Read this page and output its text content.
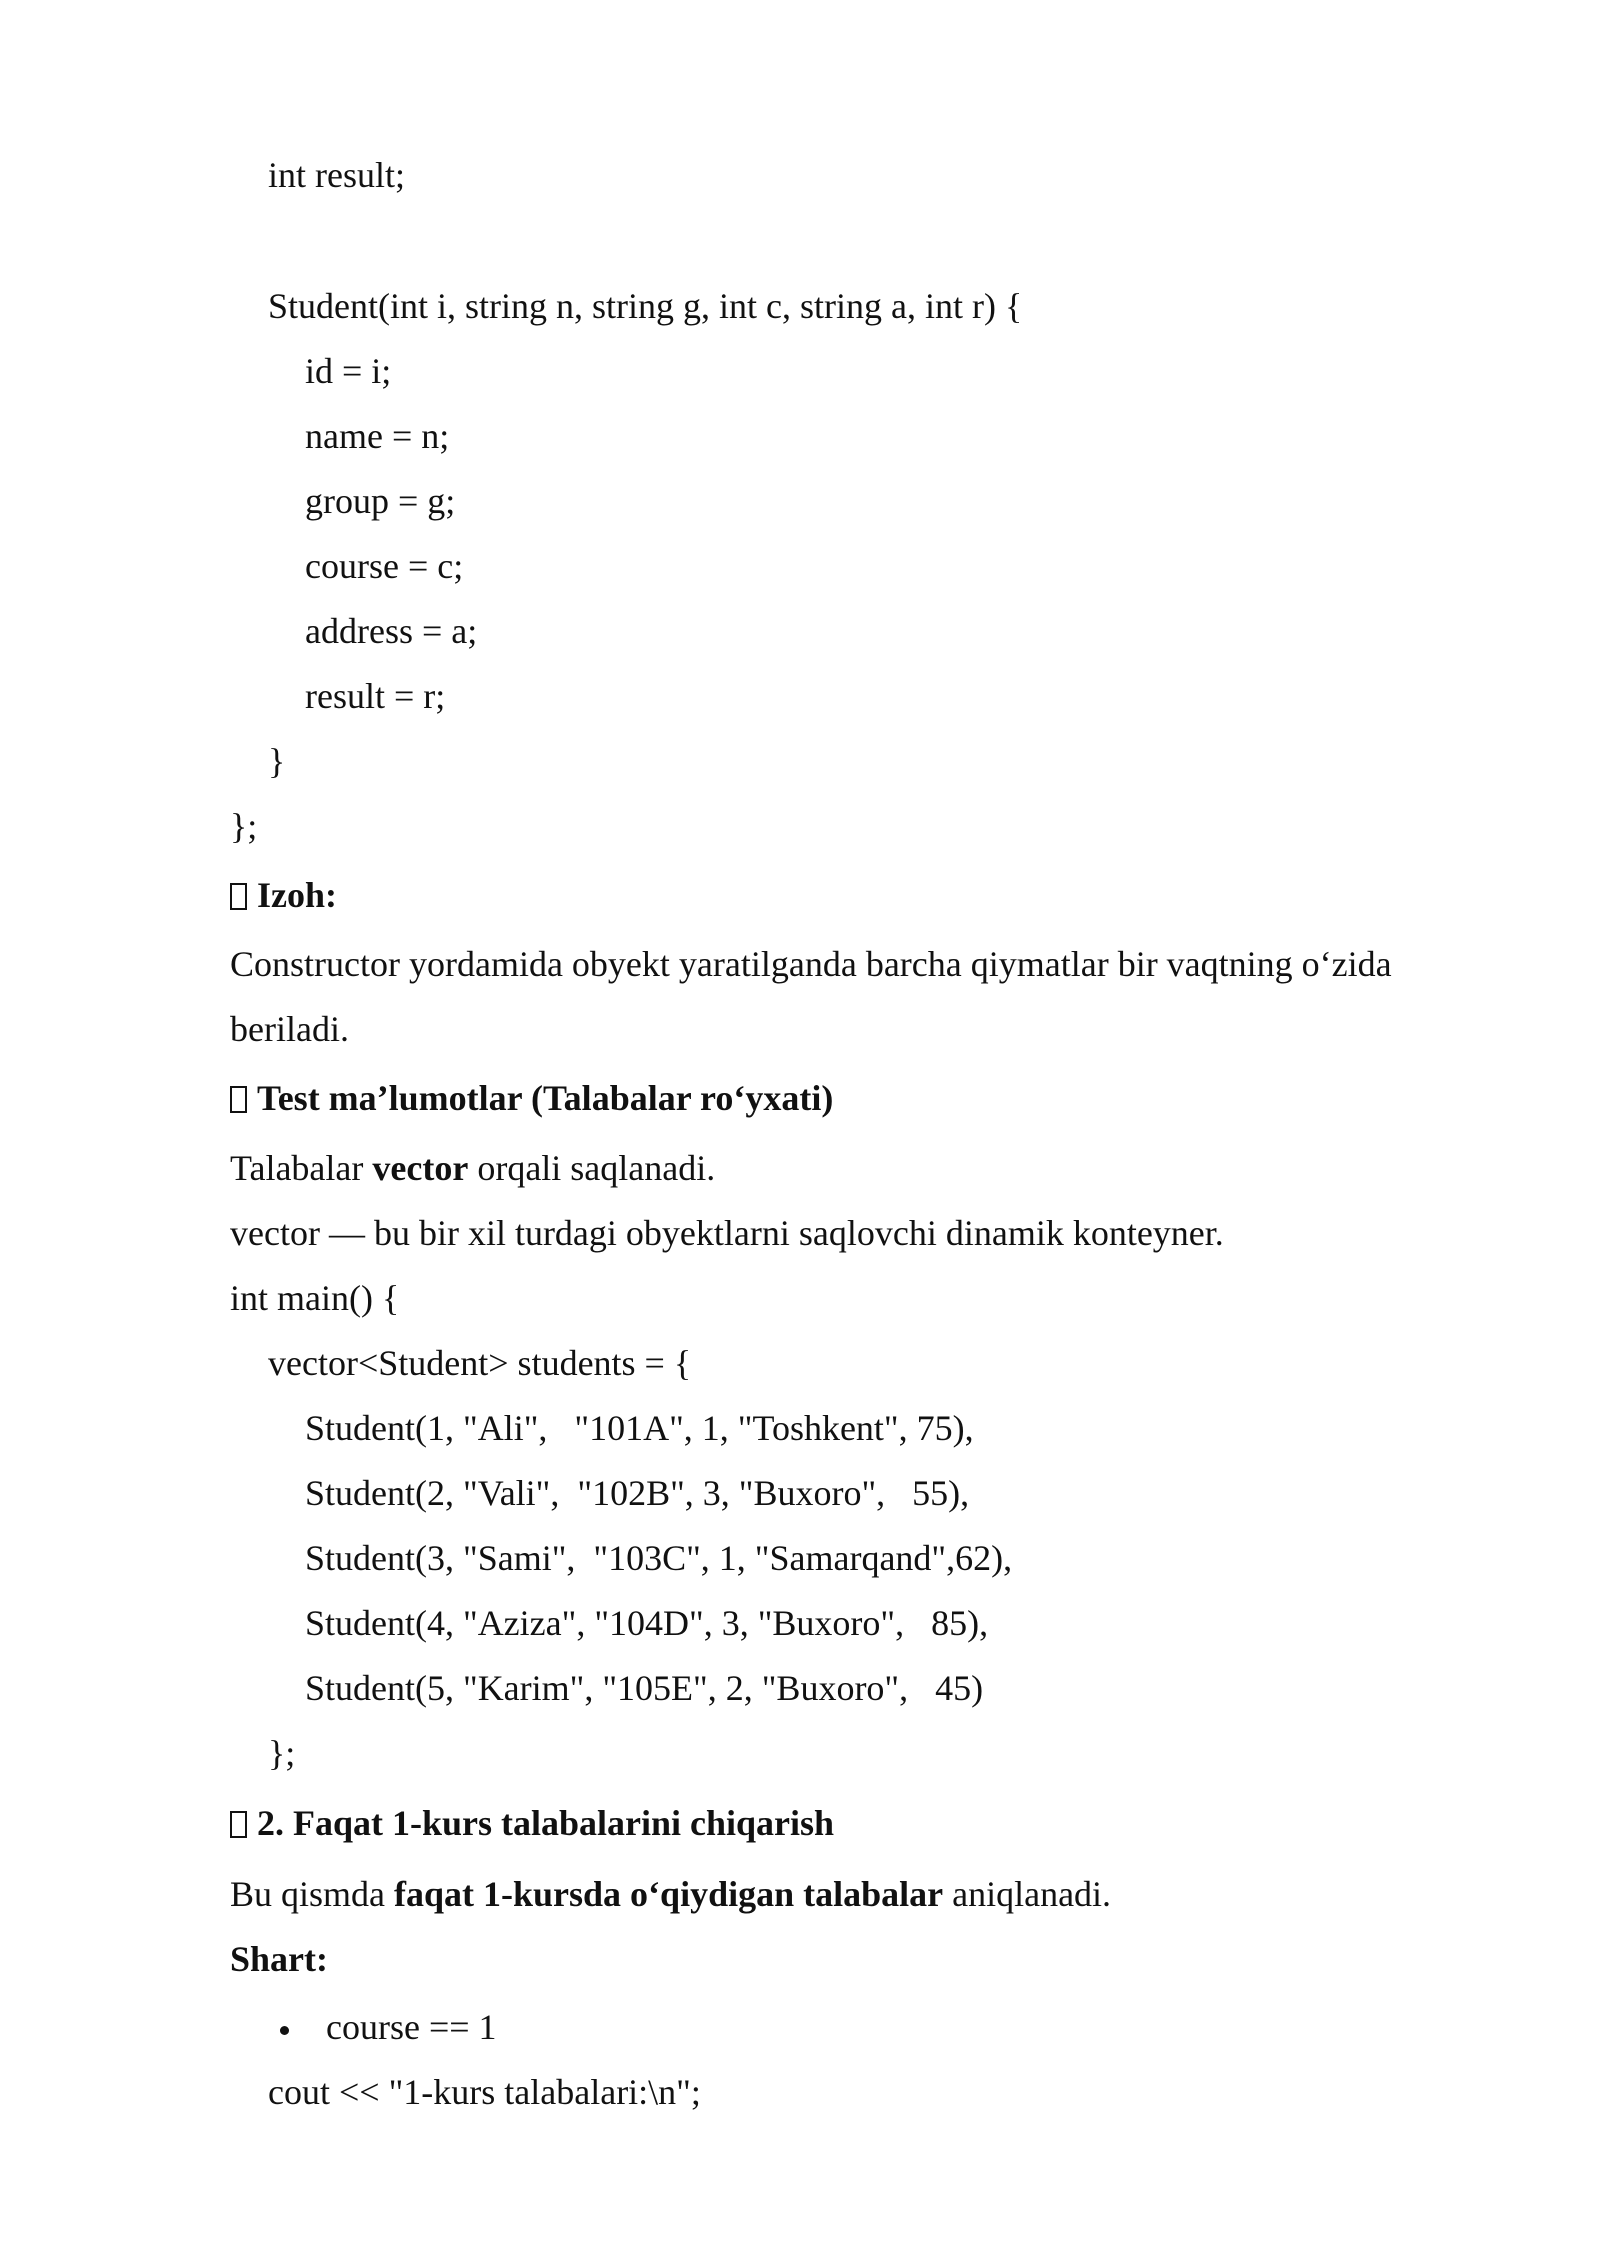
int result;

Student(int i, string n, string g, int c, string a, int r) {

id = i;

name = n;

group = g;

course = c;

address = a;

result = r;

}

};

Izoh:

Constructor yordamida obyekt yaratilganda barcha qiymatlar bir vaqtning o‘zida

beriladi.

Test ma’lumotlar (Talabalar ro‘yxati)

Talabalar vector orqali saqlanadi.

vector — bu bir xil turdagi obyektlarni saqlovchi dinamik konteyner.

int main() {

vector<Student> students = {

Student(1, "Ali",   "101A", 1, "Toshkent", 75),

Student(2, "Vali",  "102B", 3, "Buxoro",   55),

Student(3, "Sami",  "103C", 1, "Samarqand",62),

Student(4, "Aziza", "104D", 3, "Buxoro",   85),

Student(5, "Karim", "105E", 2, "Buxoro",   45)

};

2. Faqat 1-kurs talabalarini chiqarish

Bu qismda faqat 1-kursda o‘qiydigan talabalar aniqlanadi.

Shart:

course == 1

cout << "1-kurs talabalari:\n";
